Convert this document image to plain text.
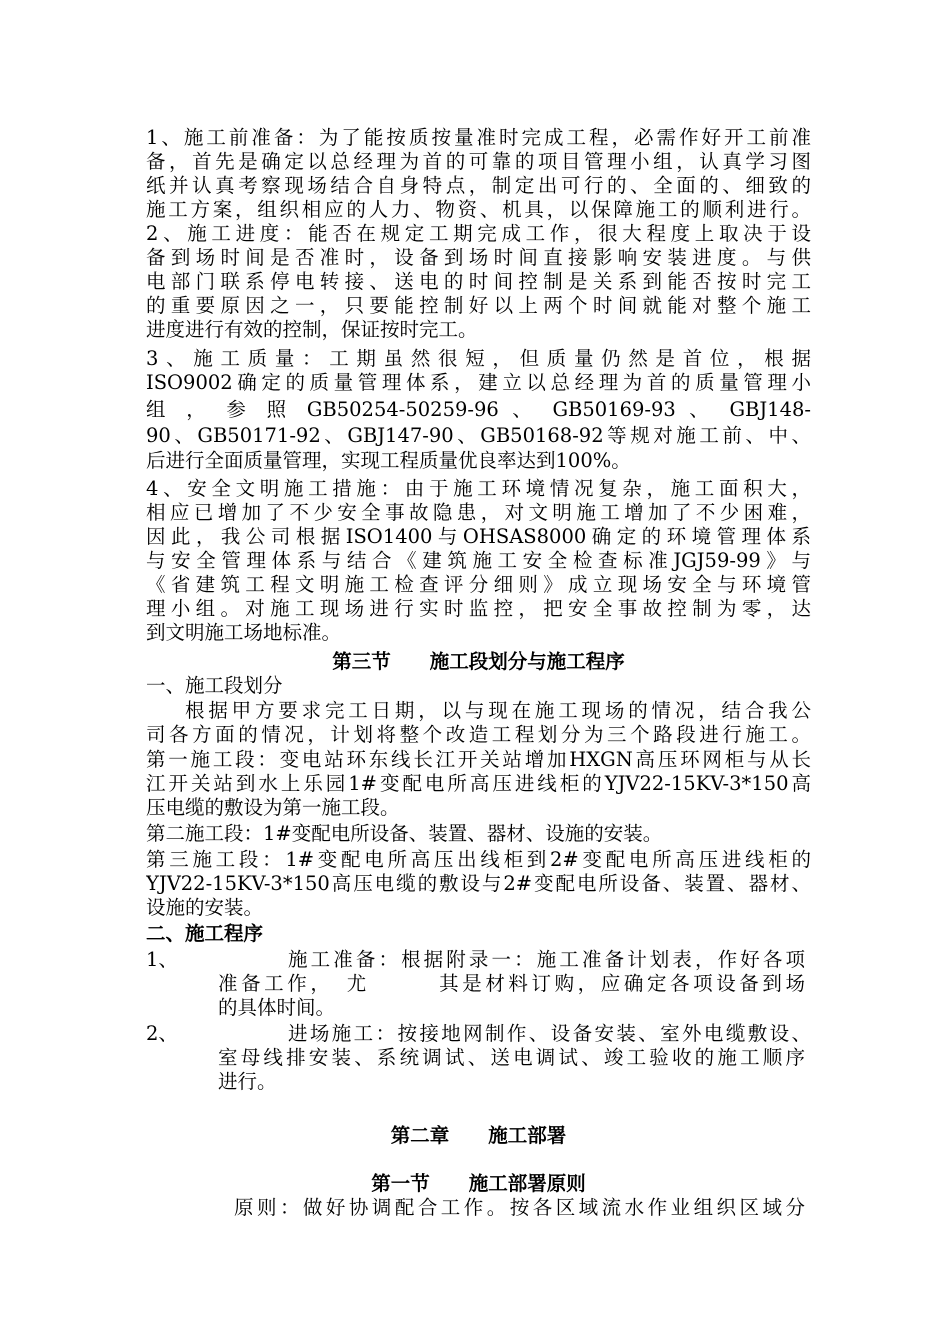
1、施工前准备：为了能按质按量准时完成工程，必需作好开工前准
备，首先是确定以总经理为首的可靠的项目管理小组，认真学习图
纸并认真考察现场结合自身特点，制定出可行的、全面的、细致的
施工方案，组织相应的人力、物资、机具，以保障施工的顺利进行。
2、施工进度：能否在规定工期完成工作，很大程度上取决于设
备到场时间是否准时，设备到场时间直接影响安装进度。与供
电部门联系停电转接、送电的时间控制是关系到能否按时完工
的重要原因之一，只要能控制好以上两个时间就能对整个施工
进度进行有效的控制，保证按时完工。
3、施工质量：工期虽然很短，但质量仍然是首位，根据
ISO9002确定的质量管理体系，建立以总经理为首的质量管理小
组 ， 参 照 GB50254-50259-96 、 GB50169-93 、 GBJ148-
90、GB50171-92、GBJ147-90、GB50168-92等规对施工前、中、
后进行全面质量管理，实现工程质量优良率达到100%。
4、安全文明施工措施：由于施工环境情况复杂，施工面积大，
相应已增加了不少安全事故隐患，对文明施工增加了不少困难，
因此，我公司根据ISO1400与OHSAS8000确定的环境管理体系
与安全管理体系与结合《建筑施工安全检查标准JGJ59-99》与
《省建筑工程文明施工检查评分细则》成立现场安全与环境管
理小组。对施工现场进行实时监控，把安全事故控制为零，达
到文明施工场地标准。
第三节　　施工段划分与施工程序
一、施工段划分
根据甲方要求完工日期，以与现在施工现场的情况，结合我公
司各方面的情况，计划将整个改造工程划分为三个路段进行施工。
第一施工段：变电站环东线长江开关站增加HXGN高压环网柜与从长
江开关站到水上乐园1#变配电所高压进线柜的YJV22-15KV-3*150高
压电缆的敷设为第一施工段。
第二施工段：1#变配电所设备、装置、器材、设施的安装。
第三施工段：1#变配电所高压出线柜到2#变配电所高压进线柜的
YJV22-15KV-3*150高压电缆的敷设与2#变配电所设备、装置、器材、
设施的安装。
二、施工程序
1、	施工准备：根据附录一：施工准备计划表，作好各项
准备工作，　尤　　　其是材料订购，应确定各项设备到场
的具体时间。
2、	进场施工：按接地网制作、设备安装、室外电缆敷设、
室母线排安装、系统调试、送电调试、竣工验收的施工顺序
进行。
第二章　　施工部署
第一节　　施工部署原则
原则：做好协调配合工作。按各区域流水作业组织区域分
